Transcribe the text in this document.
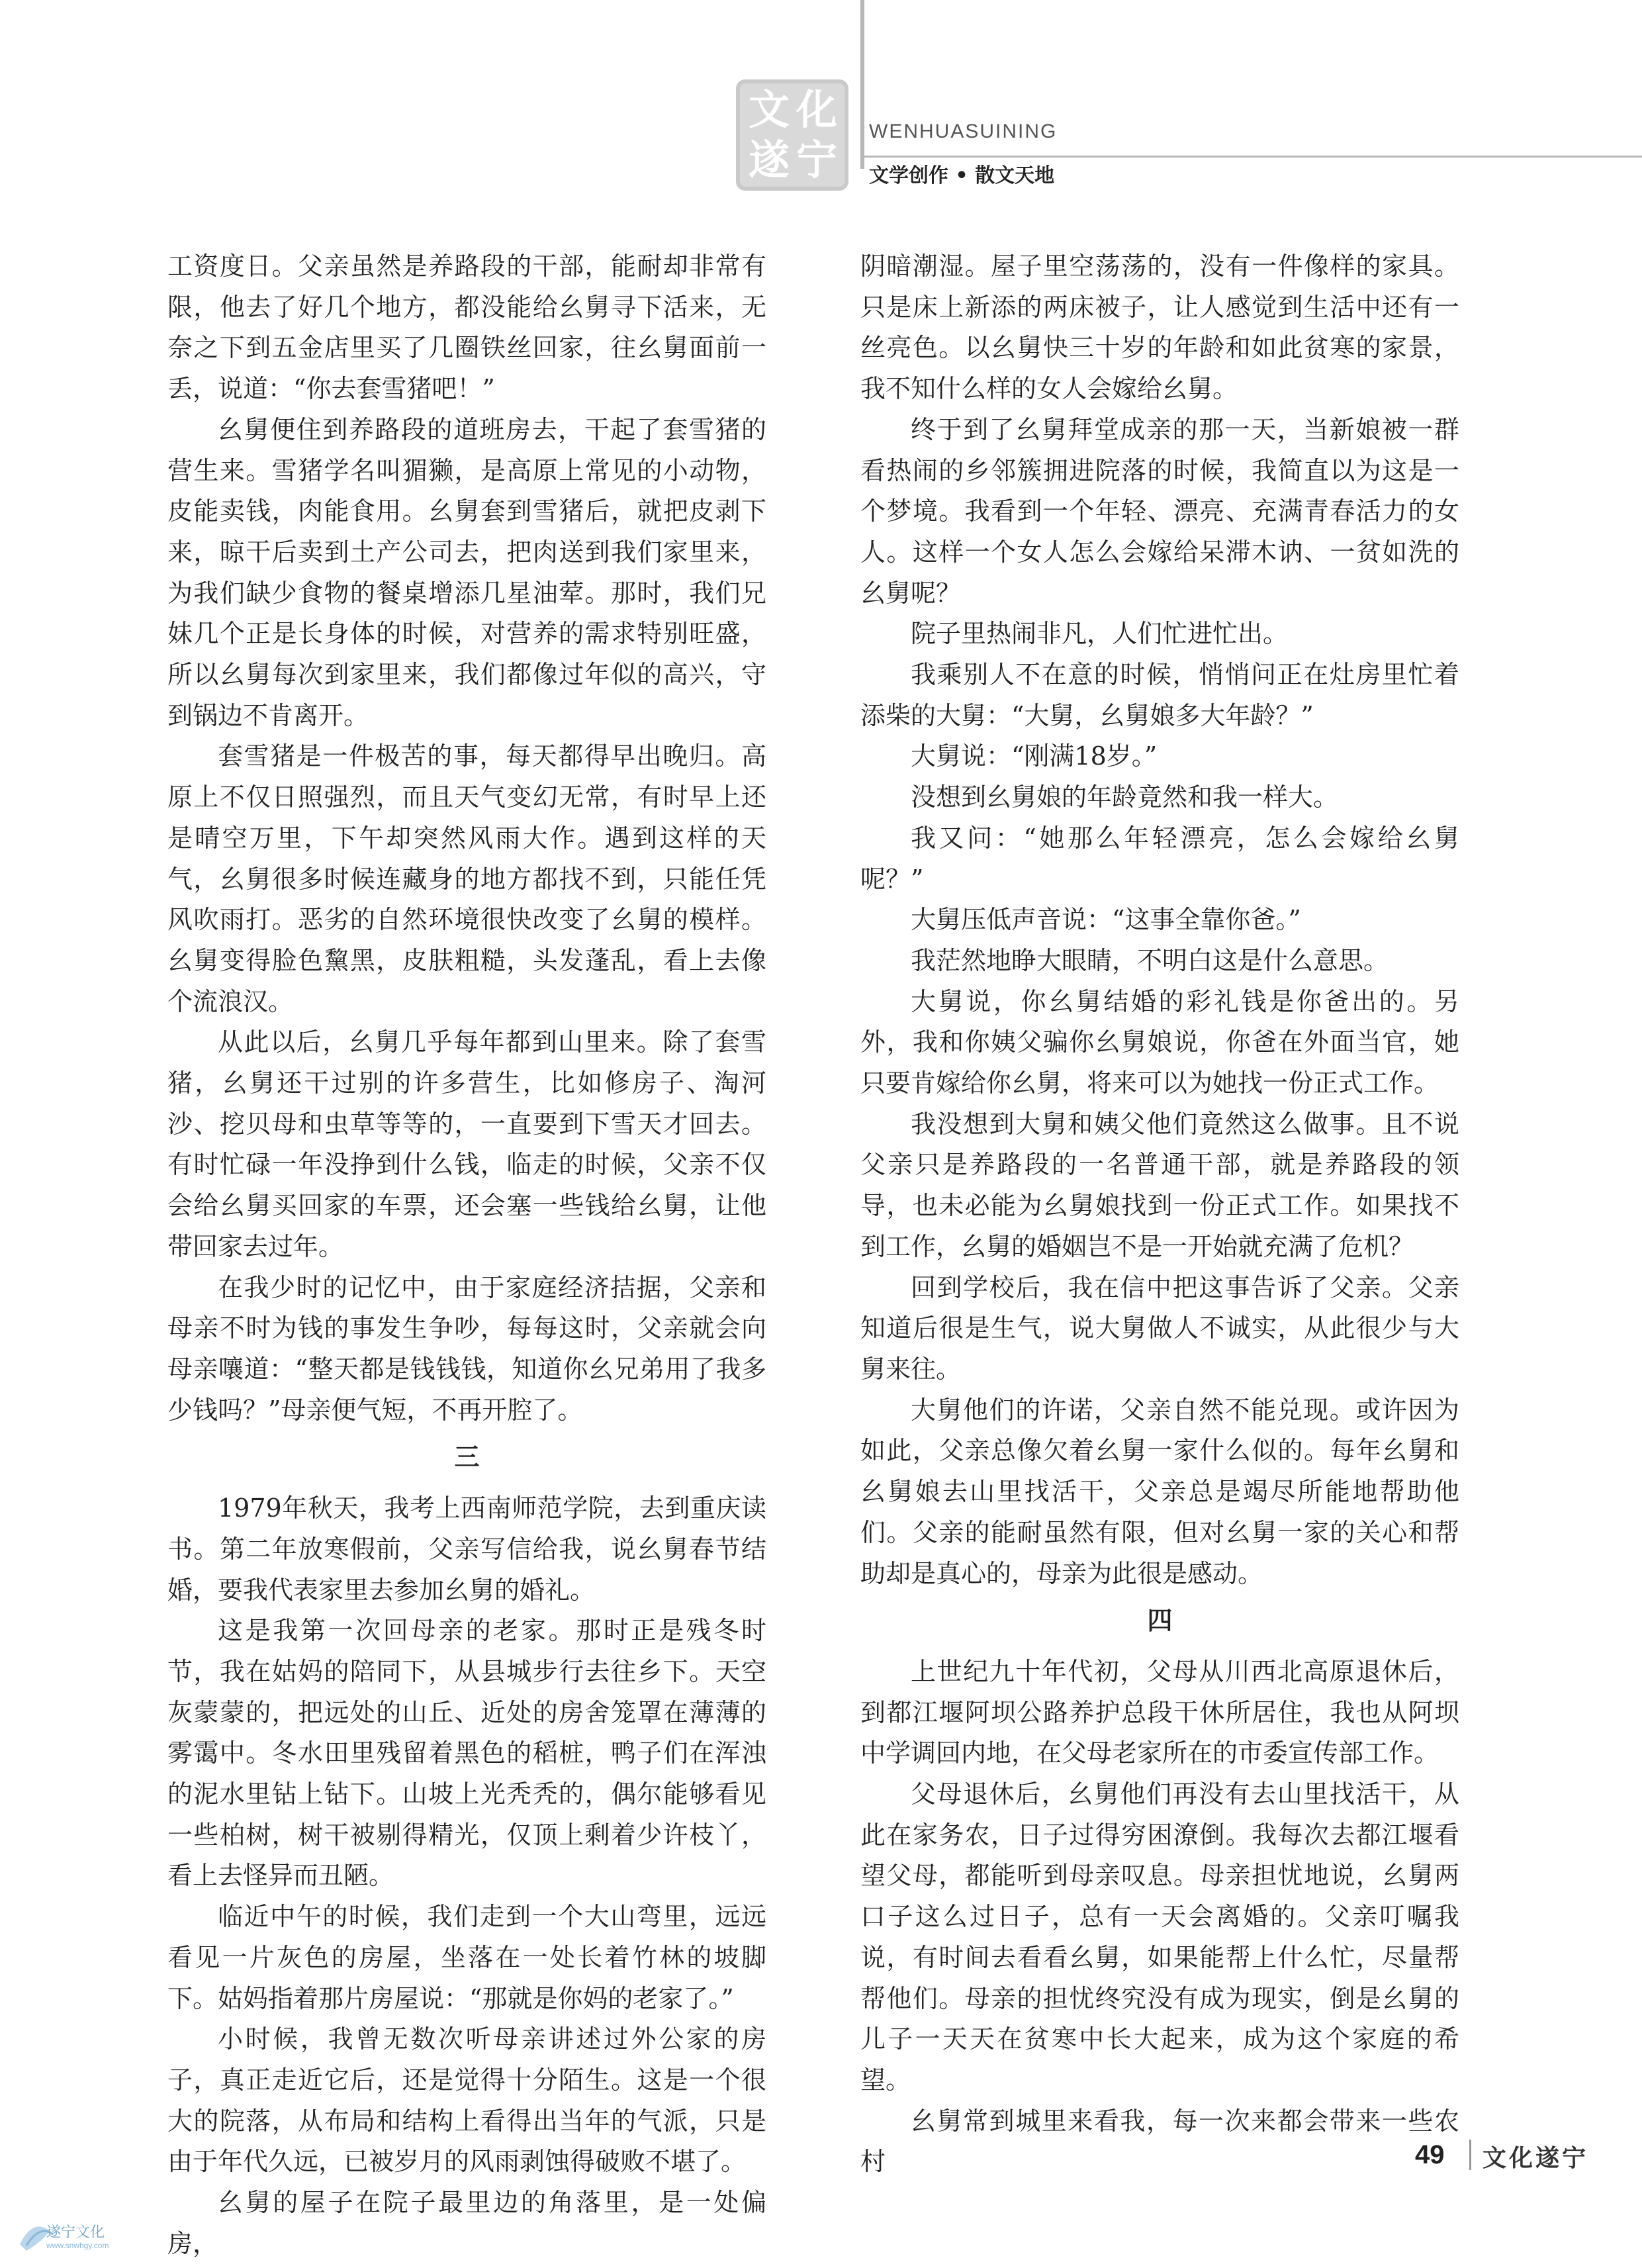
文 化
遂 宁
WENHUASUINING
文学创作 • 散文天地

工资度日。父亲虽然是养路段的干部，能耐却非常有限，他去了好几个地方，都没能给幺舅寻下活来，无奈之下到五金店里买了几圈铁丝回家，往幺舅面前一丢，说道：“你去套雪猪吧！”

幺舅便住到养路段的道班房去，干起了套雪猪的营生来。雪猪学名叫猸獭，是高原上常见的小动物，皮能卖钱，肉能食用。幺舅套到雪猪后，就把皮剥下来，晾干后卖到土产公司去，把肉送到我们家里来，为我们缺少食物的餐桌增添几星油荤。那时，我们兄妹几个正是长身体的时候，对营养的需求特别旺盛，所以幺舅每次到家里来，我们都像过年似的高兴，守到锅边不肯离开。

套雪猪是一件极苦的事，每天都得早出晚归。高原上不仅日照强烈，而且天气变幻无常，有时早上还是晴空万里，下午却突然风雨大作。遇到这样的天气，幺舅很多时候连藏身的地方都找不到，只能任凭风吹雨打。恶劣的自然环境很快改变了幺舅的模样。幺舅变得脸色黧黑，皮肤粗糙，头发蓬乱，看上去像个流浪汉。

从此以后，幺舅几乎每年都到山里来。除了套雪猪，幺舅还干过别的许多营生，比如修房子、淘河沙、挖贝母和虫草等等的，一直要到下雪天才回去。有时忙碌一年没挣到什么钱，临走的时候，父亲不仅会给幺舅买回家的车票，还会塞一些钱给幺舅，让他带回家去过年。

在我少时的记忆中，由于家庭经济拮据，父亲和母亲不时为钱的事发生争吵，每每这时，父亲就会向母亲嚷道：“整天都是钱钱钱，知道你幺兄弟用了我多少钱吗？”母亲便气短，不再开腔了。

三

1979年秋天，我考上西南师范学院，去到重庆读书。第二年放寒假前，父亲写信给我，说幺舅春节结婚，要我代表家里去参加幺舅的婚礼。

这是我第一次回母亲的老家。那时正是残冬时节，我在姑妈的陪同下，从县城步行去往乡下。天空灰蒙蒙的，把远处的山丘、近处的房舍笼罩在薄薄的雾霭中。冬水田里残留着黑色的稻桩，鸭子们在浑浊的泥水里钻上钻下。山坡上光秃秃的，偶尔能够看见一些柏树，树干被剔得精光，仅顶上剩着少许枝丫，看上去怪异而丑陋。

临近中午的时候，我们走到一个大山弯里，远远看见一片灰色的房屋，坐落在一处长着竹林的坡脚下。姑妈指着那片房屋说：“那就是你妈的老家了。”

小时候，我曾无数次听母亲讲述过外公家的房子，真正走近它后，还是觉得十分陌生。这是一个很大的院落，从布局和结构上看得出当年的气派，只是由于年代久远，已被岁月的风雨剥蚀得破败不堪了。

幺舅的屋子在院子最里边的角落里，是一处偏房，

阴暗潮湿。屋子里空荡荡的，没有一件像样的家具。只是床上新添的两床被子，让人感觉到生活中还有一丝亮色。以幺舅快三十岁的年龄和如此贫寒的家景，我不知什么样的女人会嫁给幺舅。

终于到了幺舅拜堂成亲的那一天，当新娘被一群看热闹的乡邻簇拥进院落的时候，我简直以为这是一个梦境。我看到一个年轻、漂亮、充满青春活力的女人。这样一个女人怎么会嫁给呆滞木讷、一贫如洗的幺舅呢？

院子里热闹非凡，人们忙进忙出。

我乘别人不在意的时候，悄悄问正在灶房里忙着添柴的大舅：“大舅，幺舅娘多大年龄？”

大舅说：“刚满18岁。”

没想到幺舅娘的年龄竟然和我一样大。

我又问：“她那么年轻漂亮，怎么会嫁给幺舅呢？”

大舅压低声音说：“这事全靠你爸。”

我茫然地睁大眼睛，不明白这是什么意思。

大舅说，你幺舅结婚的彩礼钱是你爸出的。另外，我和你姨父骗你幺舅娘说，你爸在外面当官，她只要肯嫁给你幺舅，将来可以为她找一份正式工作。

我没想到大舅和姨父他们竟然这么做事。且不说父亲只是养路段的一名普通干部，就是养路段的领导，也未必能为幺舅娘找到一份正式工作。如果找不到工作，幺舅的婚姻岂不是一开始就充满了危机？

回到学校后，我在信中把这事告诉了父亲。父亲知道后很是生气，说大舅做人不诚实，从此很少与大舅来往。

大舅他们的许诺，父亲自然不能兑现。或许因为如此，父亲总像欠着幺舅一家什么似的。每年幺舅和幺舅娘去山里找活干，父亲总是竭尽所能地帮助他们。父亲的能耐虽然有限，但对幺舅一家的关心和帮助却是真心的，母亲为此很是感动。

四

上世纪九十年代初，父母从川西北高原退休后，到都江堰阿坝公路养护总段干休所居住，我也从阿坝中学调回内地，在父母老家所在的市委宣传部工作。

父母退休后，幺舅他们再没有去山里找活干，从此在家务农，日子过得穷困潦倒。我每次去都江堰看望父母，都能听到母亲叹息。母亲担忧地说，幺舅两口子这么过日子，总有一天会离婚的。父亲叮嘱我说，有时间去看看幺舅，如果能帮上什么忙，尽量帮帮他们。母亲的担忧终究没有成为现实，倒是幺舅的儿子一天天在贫寒中长大起来，成为这个家庭的希望。

幺舅常到城里来看我，每一次来都会带来一些农村	49 文化遂宁
遂宁文化
www.snwhgy.com
